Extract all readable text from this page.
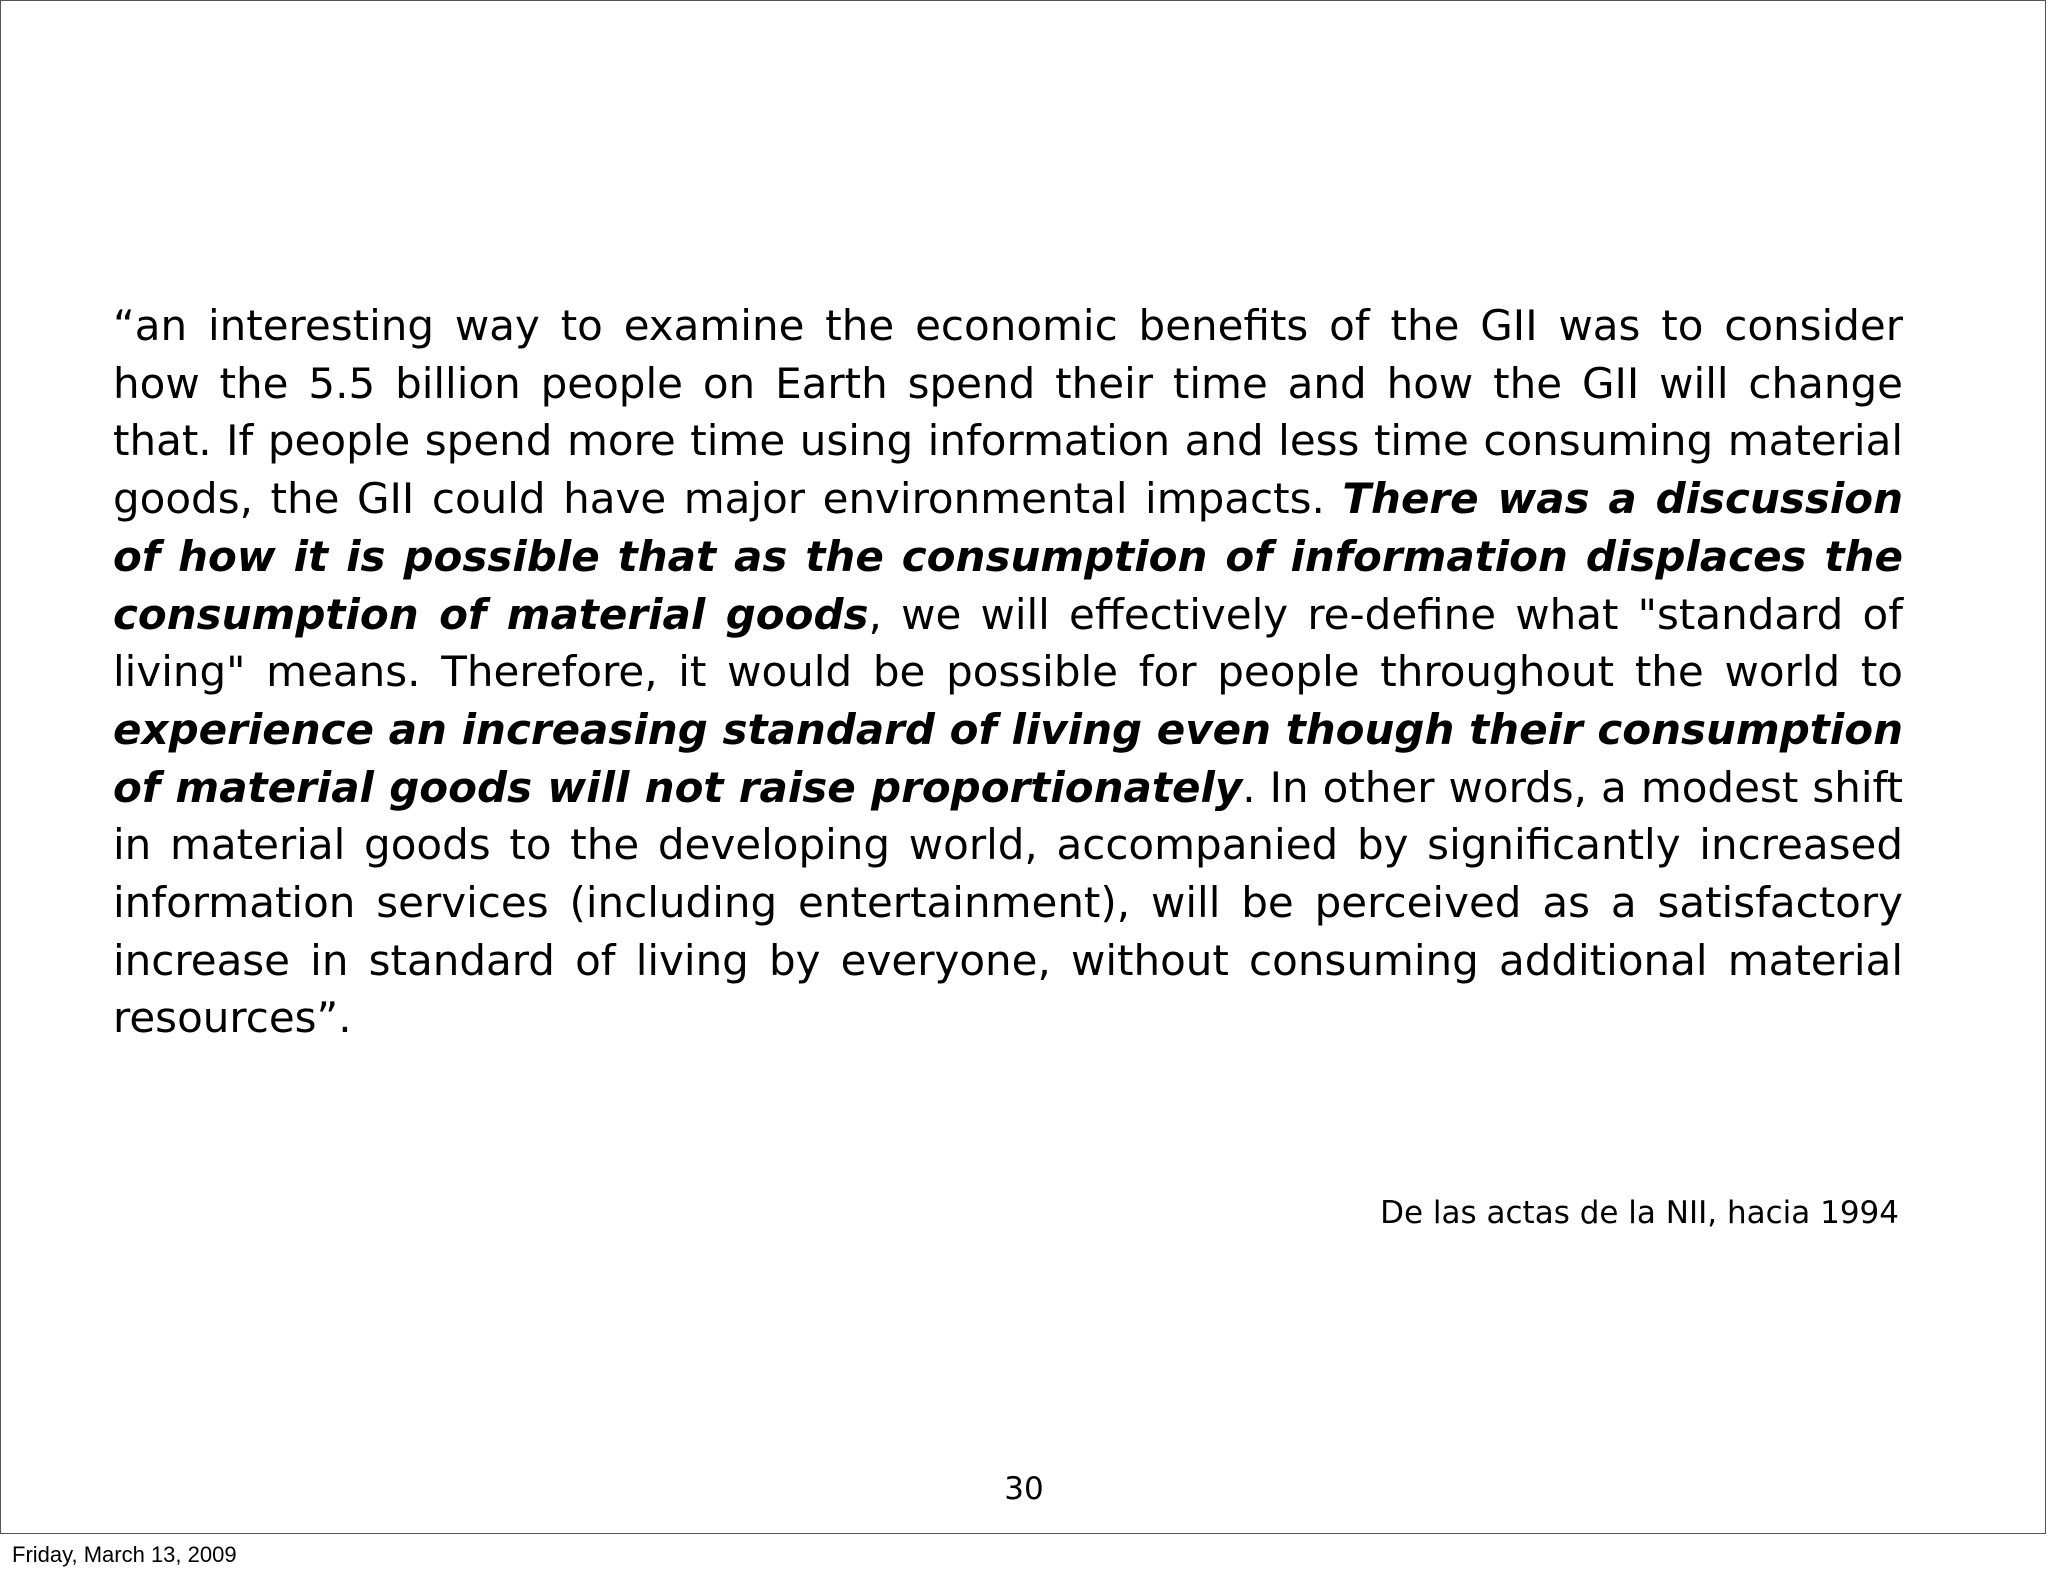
“an interesting way to examine the economic benefits of the GII was to consider how the 5.5 billion people on Earth spend their time and how the GII will change that. If people spend more time using information and less time consuming material goods, the GII could have major environmental impacts. There was a discussion of how it is possible that as the consumption of information displaces the consumption of material goods, we will effectively re-define what "standard of living" means. Therefore, it would be possible for people throughout the world to experience an increasing standard of living even though their consumption of material goods will not raise proportionately. In other words, a modest shift in material goods to the developing world, accompanied by significantly increased information services (including entertainment), will be perceived as a satisfactory increase in standard of living by everyone, without consuming additional material resources”.

De las actas de la NII, hacia 1994
30
Friday, March 13, 2009
